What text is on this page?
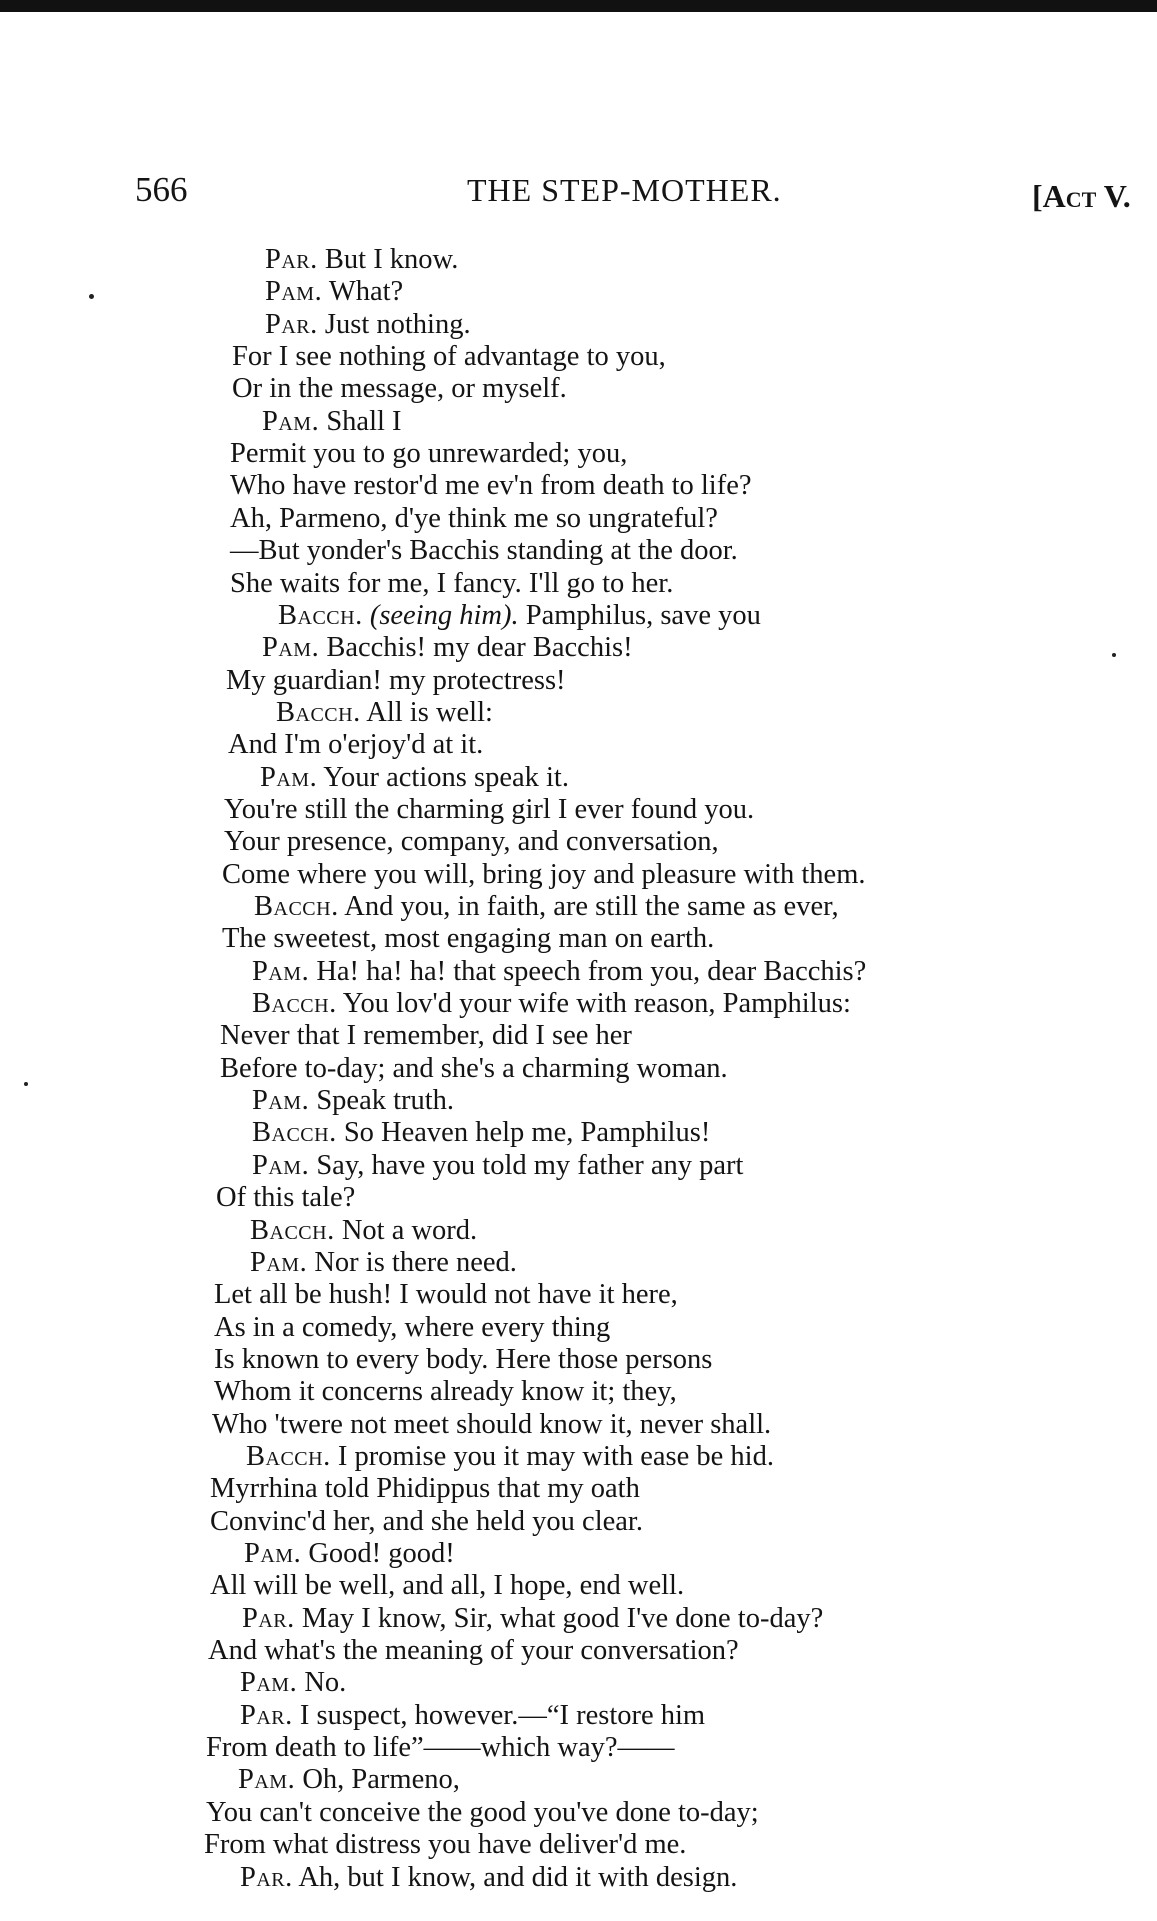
566	THE STEP-MOTHER.	[Act V.
Par. But I know.
Pam. What?
Par. Just nothing.
For I see nothing of advantage to you,
Or in the message, or myself.
Pam. Shall I
Permit you to go unrewarded; you,
Who have restor'd me ev'n from death to life?
Ah, Parmeno, d'ye think me so ungrateful?
—But yonder's Bacchis standing at the door.
She waits for me, I fancy. I'll go to her.
Bacch. (seeing him). Pamphilus, save you
Pam. Bacchis! my dear Bacchis!
My guardian! my protectress!
Bacch. All is well:
And I'm o'erjoy'd at it.
Pam. Your actions speak it.
You're still the charming girl I ever found you.
Your presence, company, and conversation,
Come where you will, bring joy and pleasure with them.
Bacch. And you, in faith, are still the same as ever,
The sweetest, most engaging man on earth.
Pam. Ha! ha! ha! that speech from you, dear Bacchis?
Bacch. You lov'd your wife with reason, Pamphilus:
Never that I remember, did I see her
Before to-day; and she's a charming woman.
Pam. Speak truth.
Bacch. So Heaven help me, Pamphilus!
Pam. Say, have you told my father any part
Of this tale?
Bacch. Not a word.
Pam. Nor is there need.
Let all be hush! I would not have it here,
As in a comedy, where every thing
Is known to every body. Here those persons
Whom it concerns already know it; they,
Who 'twere not meet should know it, never shall.
Bacch. I promise you it may with ease be hid.
Myrrhina told Phidippus that my oath
Convinc'd her, and she held you clear.
Pam. Good! good!
All will be well, and all, I hope, end well.
Par. May I know, Sir, what good I've done to-day?
And what's the meaning of your conversation?
Pam. No.
Par. I suspect, however.—“I restore him
From death to life”——which way?——
Pam. Oh, Parmeno,
You can't conceive the good you've done to-day;
From what distress you have deliver'd me.
Par. Ah, but I know, and did it with design.
